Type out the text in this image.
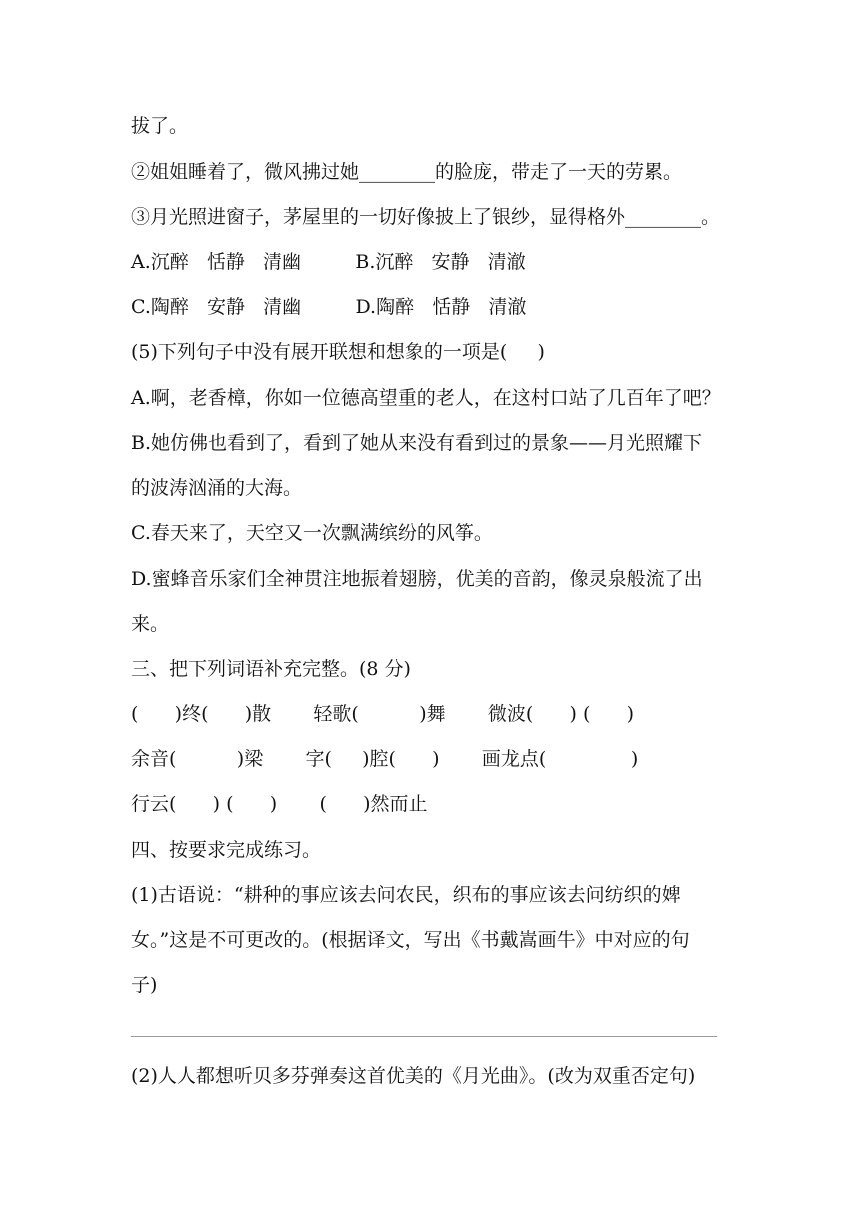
拔了。
②姐姐睡着了，微风拂过她________的脸庞，带走了一天的劳累。
③月光照进窗子，茅屋里的一切好像披上了银纱，显得格外________。
A.沉醉   恬静   清幽         B.沉醉   安静   清澈
C.陶醉   安静   清幽         D.陶醉   恬静   清澈
(5)下列句子中没有展开联想和想象的一项是(     )
A.啊，老香樟，你如一位德高望重的老人，在这村口站了几百年了吧？
B.她仿佛也看到了，看到了她从来没有看到过的景象——月光照耀下
的波涛汹涌的大海。
C.春天来了，天空又一次飘满缤纷的风筝。
D.蜜蜂音乐家们全神贯注地振着翅膀，优美的音韵，像灵泉般流了出
来。
三、把下列词语补充完整。(8 分)
(      )终(      )散       轻歌(          )舞       微波(      ) (      )
余音(          )梁       字(     )腔(      )       画龙点(              )
行云(      ) (      )       (      )然而止
四、按要求完成练习。
(1)古语说：“耕种的事应该去问农民，织布的事应该去问纺织的婢
女。”这是不可更改的。(根据译文，写出《书戴嵩画牛》中对应的句
子)
(2)人人都想听贝多芬弹奏这首优美的《月光曲》。(改为双重否定句)
